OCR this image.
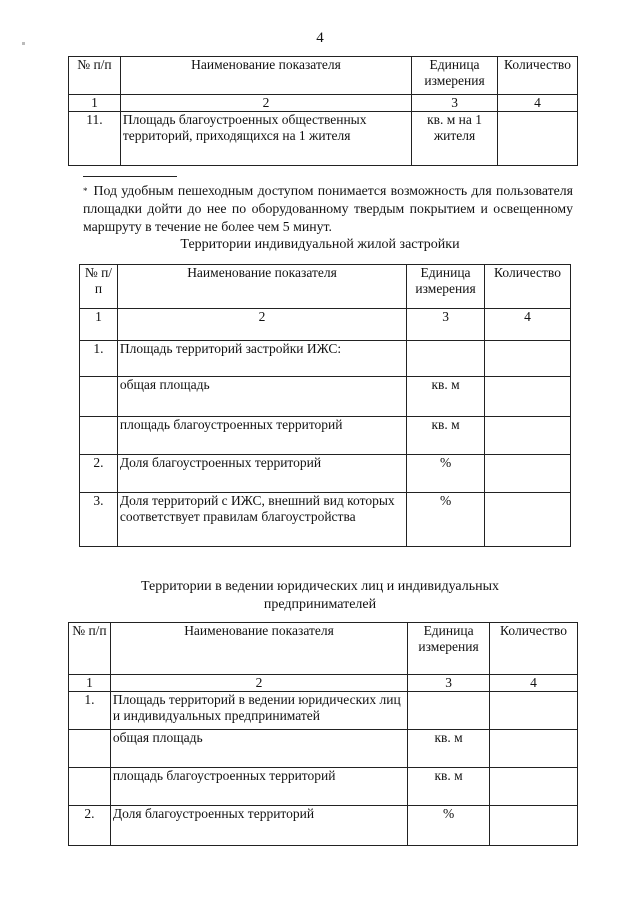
4
№ п/п	Наименование показателя	Единица измерения	Количество
1	2	3	4
11.	Площадь благоустроенных общественных территорий, приходящихся на 1 жителя	кв. м на 1 жителя	
* Под удобным пешеходным доступом понимается возможность для пользователя площадки дойти до нее по оборудованному твердым покрытием и освещенному маршруту в течение не более чем 5 минут.
Территории индивидуальной жилой застройки
№ п/п	Наименование показателя	Единица измерения	Количество
1	2	3	4
1.	Площадь территорий застройки ИЖС:		
	общая площадь	кв. м	
	площадь благоустроенных территорий	кв. м	
2.	Доля благоустроенных территорий	%	
3.	Доля территорий с ИЖС, внешний вид которых соответствует правилам благоустройства	%	
Территории в ведении юридических лиц и индивидуальных предпринимателей
№ п/п	Наименование показателя	Единица измерения	Количество
1	2	3	4
1.	Площадь территорий в ведении юридических лиц и индивидуальных предприниматей		
	общая площадь	кв. м	
	площадь благоустроенных территорий	кв. м	
2.	Доля благоустроенных территорий	%	
